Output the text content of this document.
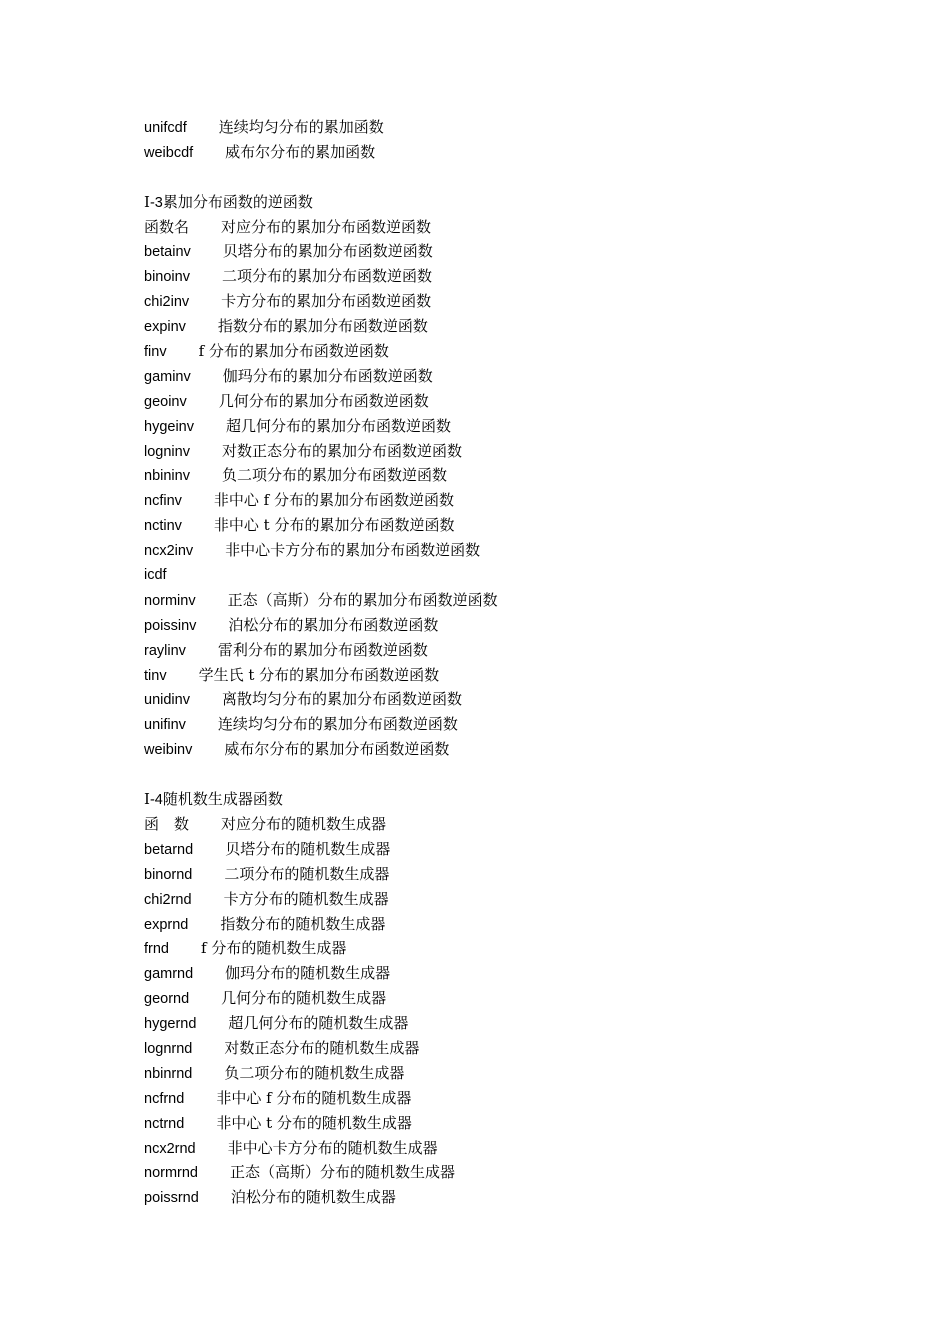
unifcdf 连续均匀分布的累加函数
weibcdf 威布尔分布的累加函数
Ⅰ-3累加分布函数的逆函数
函数名 对应分布的累加分布函数逆函数
betainv 贝塔分布的累加分布函数逆函数
binoinv 二项分布的累加分布函数逆函数
chi2inv 卡方分布的累加分布函数逆函数
expinv 指数分布的累加分布函数逆函数
finv f 分布的累加分布函数逆函数
gaminv 伽玛分布的累加分布函数逆函数
geoinv 几何分布的累加分布函数逆函数
hygeinv 超几何分布的累加分布函数逆函数
logninv 对数正态分布的累加分布函数逆函数
nbininv 负二项分布的累加分布函数逆函数
ncfinv 非中心 f 分布的累加分布函数逆函数
nctinv 非中心 t 分布的累加分布函数逆函数
ncx2inv 非中心卡方分布的累加分布函数逆函数
icdf
norminv 正态（高斯）分布的累加分布函数逆函数
poissinv 泊松分布的累加分布函数逆函数
raylinv 雷利分布的累加分布函数逆函数
tinv 学生氏 t 分布的累加分布函数逆函数
unidinv 离散均匀分布的累加分布函数逆函数
unifinv 连续均匀分布的累加分布函数逆函数
weibinv 威布尔分布的累加分布函数逆函数
Ⅰ-4随机数生成器函数
函　数 对应分布的随机数生成器
betarnd 贝塔分布的随机数生成器
binornd 二项分布的随机数生成器
chi2rnd 卡方分布的随机数生成器
exprnd 指数分布的随机数生成器
frnd f 分布的随机数生成器
gamrnd 伽玛分布的随机数生成器
geornd 几何分布的随机数生成器
hygernd 超几何分布的随机数生成器
lognrnd 对数正态分布的随机数生成器
nbinrnd 负二项分布的随机数生成器
ncfrnd 非中心 f 分布的随机数生成器
nctrnd 非中心 t 分布的随机数生成器
ncx2rnd 非中心卡方分布的随机数生成器
normrnd 正态（高斯）分布的随机数生成器
poissrnd 泊松分布的随机数生成器
